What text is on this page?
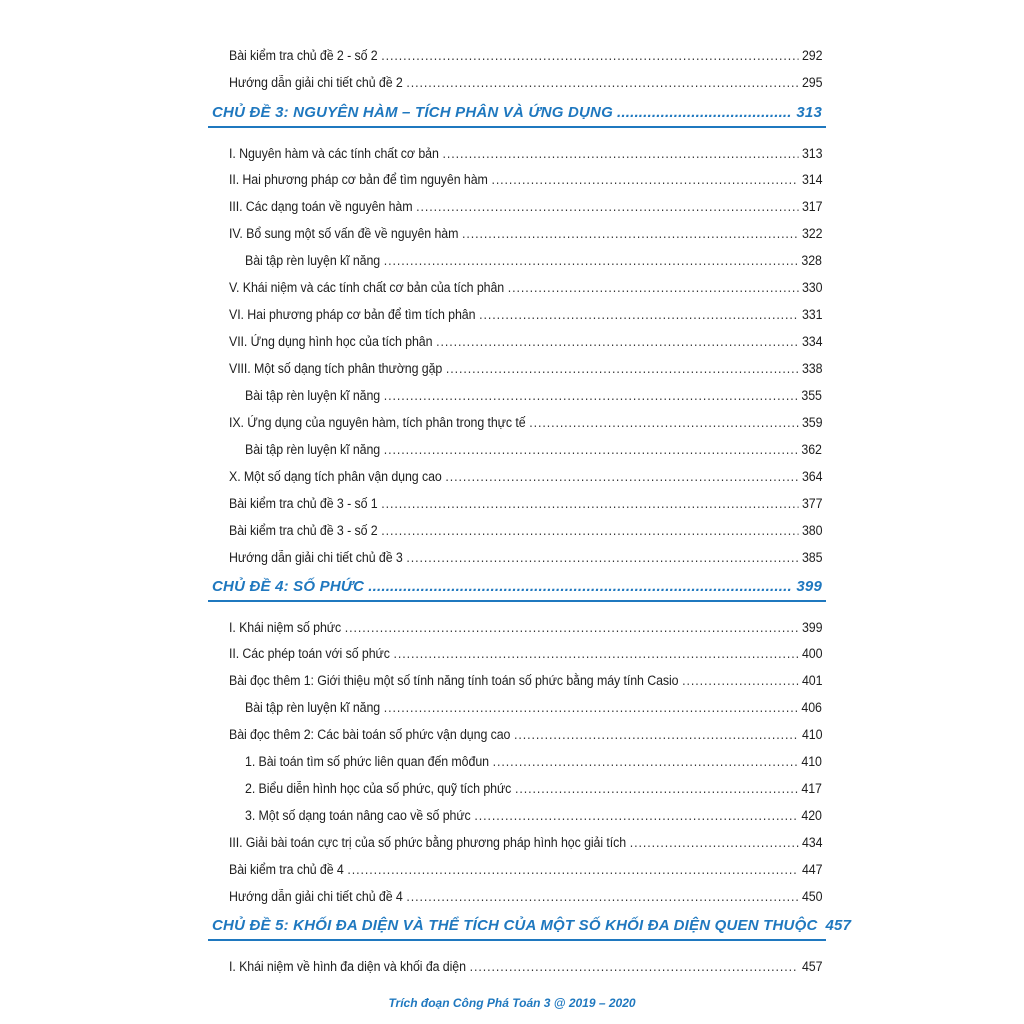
Bài kiểm tra chủ đề 2 - số 2 .....	292
Hướng dẫn giải chi tiết chủ đề 2 .....	295
CHỦ ĐỀ 3: NGUYÊN HÀM – TÍCH PHÂN VÀ ỨNG DỤNG .....	313
I. Nguyên hàm và các tính chất cơ bản .....	313
II. Hai phương pháp cơ bản để tìm nguyên hàm .....	314
III. Các dạng toán về nguyên hàm .....	317
IV. Bổ sung một số vấn đề về nguyên hàm .....	322
Bài tập rèn luyện kĩ năng .....	328
V. Khái niệm và các tính chất cơ bản của tích phân .....	330
VI. Hai phương pháp cơ bản để tìm tích phân .....	331
VII. Ứng dụng hình học của tích phân .....	334
VIII. Một số dạng tích phân thường gặp .....	338
Bài tập rèn luyện kĩ năng .....	355
IX. Ứng dụng của nguyên hàm, tích phân trong thực tế .....	359
Bài tập rèn luyện kĩ năng .....	362
X. Một số dạng tích phân vận dụng cao .....	364
Bài kiểm tra chủ đề 3 - số 1 .....	377
Bài kiểm tra chủ đề 3 - số 2 .....	380
Hướng dẫn giải chi tiết chủ đề 3 .....	385
CHỦ ĐỀ 4: SỐ PHỨC .....	399
I. Khái niệm số phức .....	399
II. Các phép toán với số phức .....	400
Bài đọc thêm 1: Giới thiệu một số tính năng tính toán số phức bằng máy tính Casio .....	401
Bài tập rèn luyện kĩ năng .....	406
Bài đọc thêm 2: Các bài toán số phức vận dụng cao .....	410
1. Bài toán tìm số phức liên quan đến môđun .....	410
2. Biểu diễn hình học của số phức, quỹ tích phức .....	417
3. Một số dạng toán nâng cao về số phức .....	420
III. Giải bài toán cực trị của số phức bằng phương pháp hình học giải tích .....	434
Bài kiểm tra chủ đề 4 .....	447
Hướng dẫn giải chi tiết chủ đề 4 .....	450
CHỦ ĐỀ 5: KHỐI ĐA DIỆN VÀ THỂ TÍCH CỦA MỘT SỐ KHỐI ĐA DIỆN QUEN THUỘC 457
I. Khái niệm về hình đa diện và khối đa diện .....	457
Trích đoạn Công Phá Toán 3 @ 2019 – 2020
